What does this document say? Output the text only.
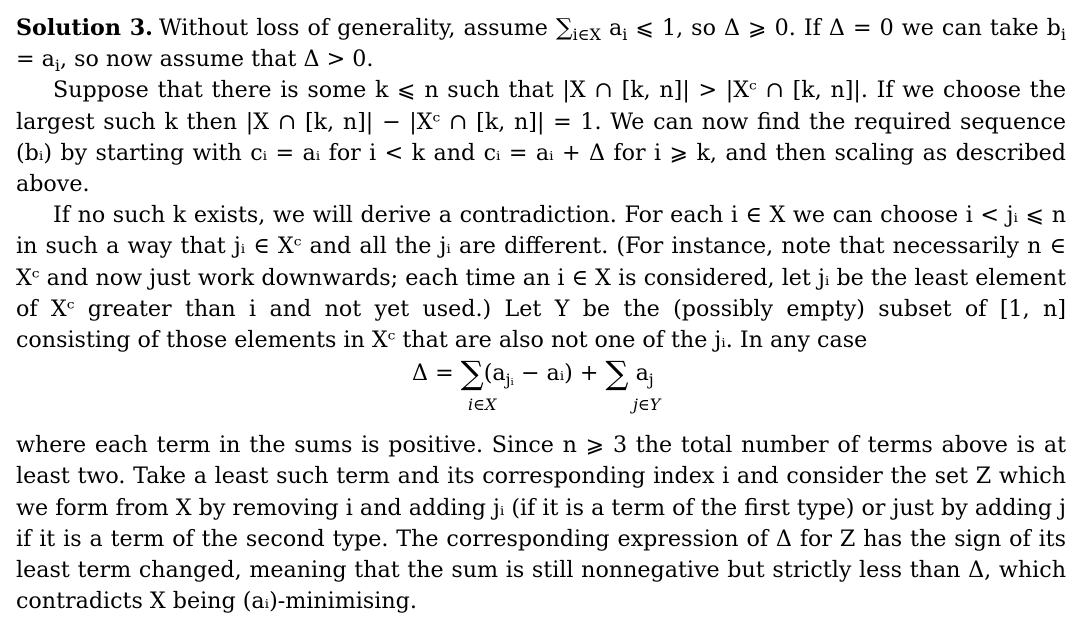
Solution 3. Without loss of generality, assume $\sum_{i\in X}$ $a_i$ ⩽ 1, so Δ ⩾ 0. If Δ = 0 we can take $b_i = a_i$, so now assume that Δ > 0.

Suppose that there is some k ⩽ n such that |X ∩ [k, n]| > |Xᶜ ∩ [k, n]|. If we choose the largest such k then |X ∩ [k, n]| − |Xᶜ ∩ [k, n]| = 1. We can now find the required sequence (bᵢ) by starting with cᵢ = aᵢ for i < k and cᵢ = aᵢ + Δ for i ⩾ k, and then scaling as described above.

If no such k exists, we will derive a contradiction. For each i ∈ X we can choose i < jᵢ ⩽ n in such a way that jᵢ ∈ Xᶜ and all the jᵢ are different. (For instance, note that necessarily n ∈ Xᶜ and now just work downwards; each time an i ∈ X is considered, let jᵢ be the least element of Xᶜ greater than i and not yet used.) Let Y be the (possibly empty) subset of [1, n] consisting of those elements in Xᶜ that are also not one of the jᵢ. In any case

$\Delta = \sum(a_{jᵢ}$ − aᵢ) + ∑ $a_j$
i∈X	j∈Y

where each term in the sums is positive. Since n ⩾ 3 the total number of terms above is at least two. Take a least such term and its corresponding index i and consider the set Z which we form from X by removing i and adding jᵢ (if it is a term of the first type) or just by adding j if it is a term of the second type. The corresponding expression of Δ for Z has the sign of its least term changed, meaning that the sum is still nonnegative but strictly less than Δ, which contradicts X being (aᵢ)-minimising.
